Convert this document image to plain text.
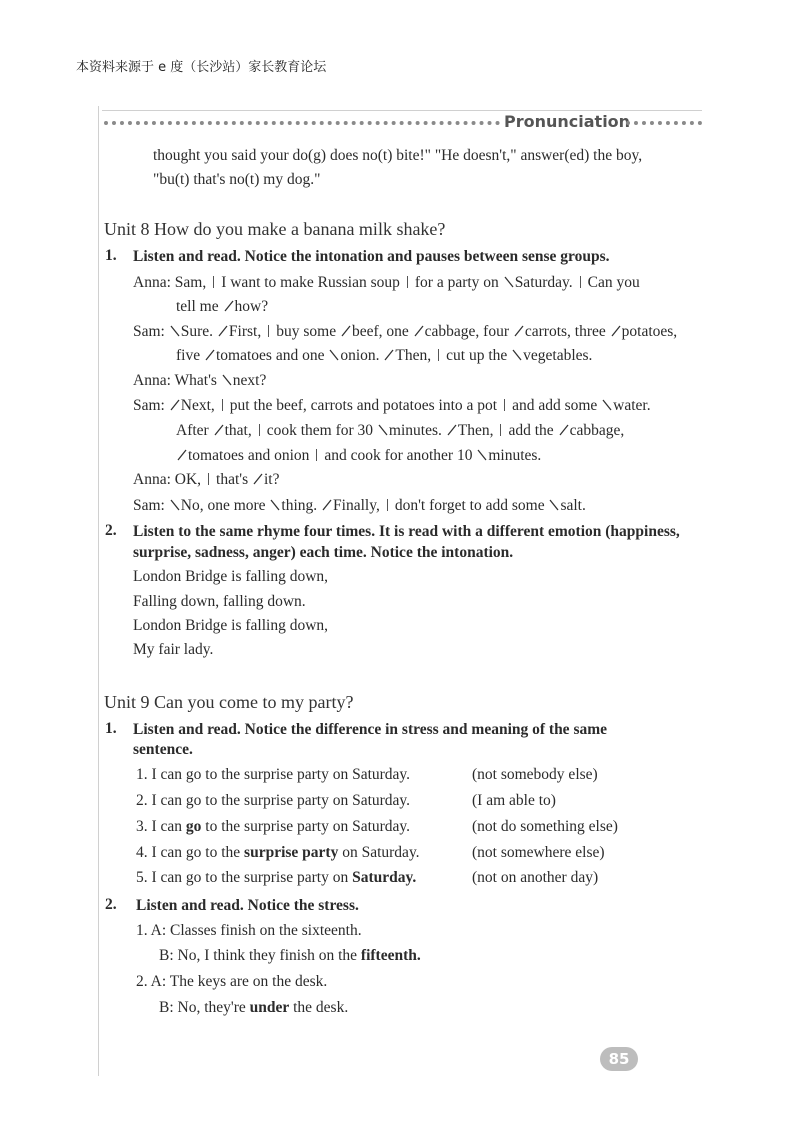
本资料来源于 e 度（长沙站）家长教育论坛
Pronunciation
thought you said your do(g) does no(t) bite!" "He doesn't," answer(ed) the boy,
"bu(t) that's no(t) my dog."
Unit 8 How do you make a banana milk shake?
1. Listen and read. Notice the intonation and pauses between sense groups.
Anna: Sam, I want to make Russian soup for a party on Saturday. Can you
tell me how?
Sam: Sure. First, buy some beef, one cabbage, four carrots, three potatoes,
five tomatoes and one onion. Then, cut up the vegetables.
Anna: What's next?
Sam: Next, put the beef, carrots and potatoes into a pot and add some water.
After that, cook them for 30 minutes. Then, add the cabbage,
tomatoes and onion and cook for another 10 minutes.
Anna: OK, that's it?
Sam: No, one more thing. Finally, don't forget to add some salt.
2. Listen to the same rhyme four times. It is read with a different emotion (happiness,
surprise, sadness, anger) each time. Notice the intonation.
London Bridge is falling down,
Falling down, falling down.
London Bridge is falling down,
My fair lady.
Unit 9 Can you come to my party?
1. Listen and read. Notice the difference in stress and meaning of the same
sentence.
1. I can go to the surprise party on Saturday.	(not somebody else)
2. I can go to the surprise party on Saturday.	(I am able to)
3. I can go to the surprise party on Saturday.	(not do something else)
4. I can go to the surprise party on Saturday.	(not somewhere else)
5. I can go to the surprise party on Saturday.	(not on another day)
2. Listen and read. Notice the stress.
1. A: Classes finish on the sixteenth.
B: No, I think they finish on the fifteenth.
2. A: The keys are on the desk.
B: No, they're under the desk.
85
